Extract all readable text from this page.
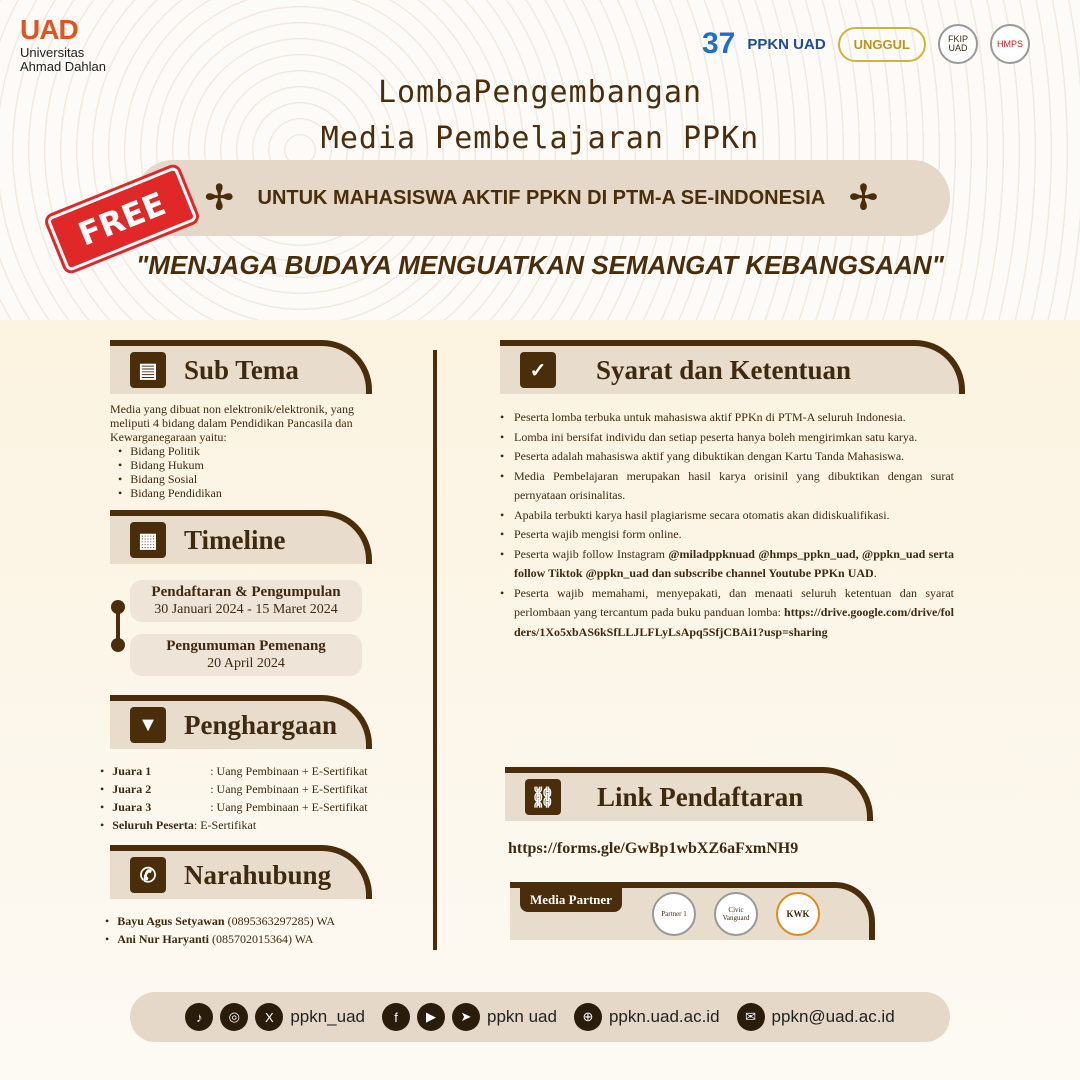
UAD
Universitas
Ahmad Dahlan
37 PPKN UAD	UNGGUL	FKIP UAD	HMPS
LombaPengembangan
Media Pembelajaran PPKn
✢ UNTUK MAHASISWA AKTIF PPKN DI PTM-A SE-INDONESIA ✢
FREE
"MENJAGA BUDAYA MENGUATKAN SEMANGAT KEBANGSAAN"
▤ Sub Tema
Media yang dibuat non elektronik/elektronik, yang meliputi 4 bidang dalam Pendidikan Pancasila dan Kewarganegaraan yaitu:
• Bidang Politik
• Bidang Hukum
• Bidang Sosial
• Bidang Pendidikan
▦ Timeline
Pendaftaran & Pengumpulan
30 Januari 2024 - 15 Maret 2024
Pengumuman Pemenang
20 April 2024
▼ Penghargaan
• Juara 1	: Uang Pembinaan + E-Sertifikat
• Juara 2	: Uang Pembinaan + E-Sertifikat
• Juara 3	: Uang Pembinaan + E-Sertifikat
• Seluruh Peserta: E-Sertifikat
✆	Narahubung
• Bayu Agus Setyawan (0895363297285) WA
• Ani Nur Haryanti (085702015364) WA
✓	Syarat dan Ketentuan
• Peserta lomba terbuka untuk mahasiswa aktif PPKn di PTM-A seluruh Indonesia.
• Lomba ini bersifat individu dan setiap peserta hanya boleh mengirimkan satu karya.
• Peserta adalah mahasiswa aktif yang dibuktikan dengan Kartu Tanda Mahasiswa.
• Media Pembelajaran merupakan hasil karya orisinil yang dibuktikan dengan surat pernyataan orisinalitas.
• Apabila terbukti karya hasil plagiarisme secara otomatis akan didiskualifikasi.
• Peserta wajib mengisi form online.
• Peserta wajib follow Instagram @miladppknuad @hmps_ppkn_uad, @ppkn_uad serta follow Tiktok @ppkn_uad dan subscribe channel Youtube PPKn UAD.
• Peserta wajib memahami, menyepakati, dan menaati seluruh ketentuan dan syarat perlombaan yang tercantum pada buku panduan lomba: https://drive.google.com/drive/folders/1Xo5xbAS6kSfLLJLFLyLsApq5SfjCBAi1?usp=sharing
⛓ Link Pendaftaran
https://forms.gle/GwBp1wbXZ6aFxmNH9
Media Partner
Partner 1	Civic Vanguard	KWK
♪	◎	X ppkn_uad	f	▶	➤ ppkn uad	⊕ ppkn.uad.ac.id	✉ ppkn@uad.ac.id
